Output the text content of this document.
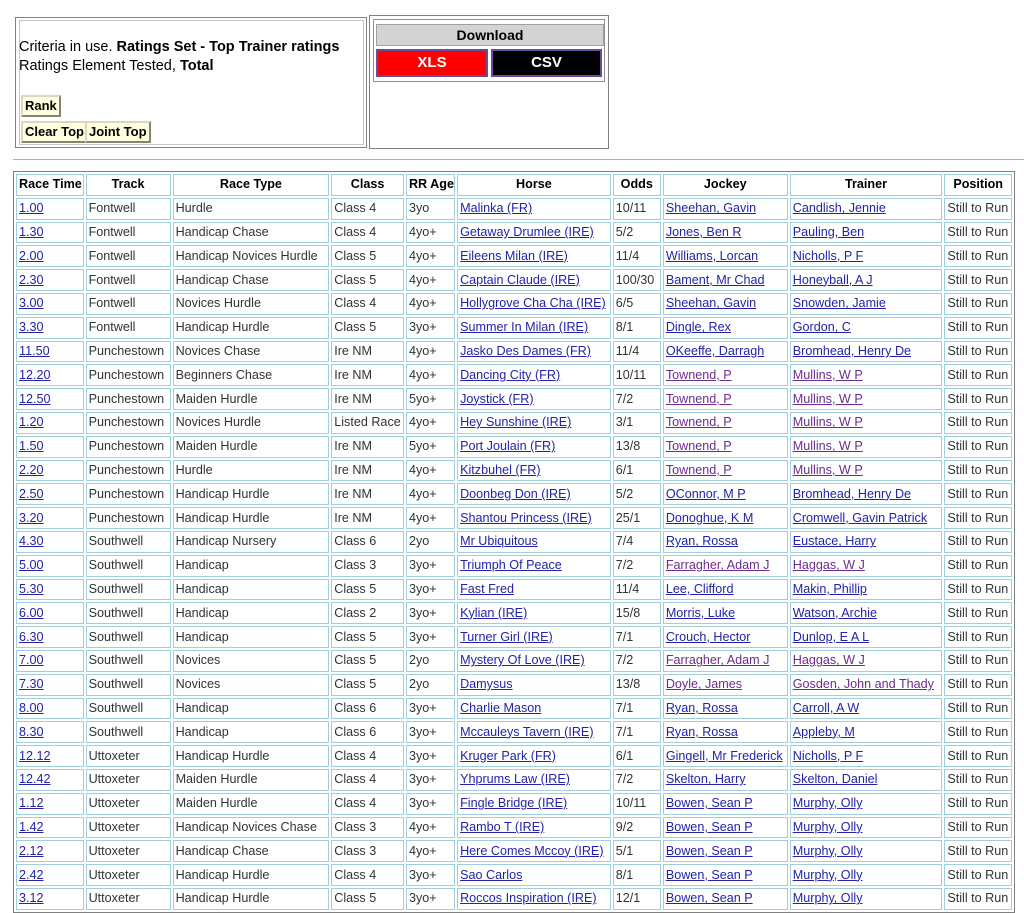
Criteria in use. Ratings Set - Top Trainer ratings
Ratings Element Tested, Total
Rank
Clear Top Joint Top
Download
XLS	CSV
Race Time	Track	Race Type	Class	RR Age	Horse	Odds	Jockey	Trainer	Position
1.00	Fontwell	Hurdle	Class 4	3yo	Malinka (FR)	10/11	Sheehan, Gavin	Candlish, Jennie	Still to Run
1.30	Fontwell	Handicap Chase	Class 4	4yo+	Getaway Drumlee (IRE)	5/2	Jones, Ben R	Pauling, Ben	Still to Run
2.00	Fontwell	Handicap Novices Hurdle	Class 5	4yo+	Eileens Milan (IRE)	11/4	Williams, Lorcan	Nicholls, P F	Still to Run
2.30	Fontwell	Handicap Chase	Class 5	4yo+	Captain Claude (IRE)	100/30	Bament, Mr Chad	Honeyball, A J	Still to Run
3.00	Fontwell	Novices Hurdle	Class 4	4yo+	Hollygrove Cha Cha (IRE)	6/5	Sheehan, Gavin	Snowden, Jamie	Still to Run
3.30	Fontwell	Handicap Hurdle	Class 5	3yo+	Summer In Milan (IRE)	8/1	Dingle, Rex	Gordon, C	Still to Run
11.50	Punchestown	Novices Chase	Ire NM	4yo+	Jasko Des Dames (FR)	11/4	OKeeffe, Darragh	Bromhead, Henry De	Still to Run
12.20	Punchestown	Beginners Chase	Ire NM	4yo+	Dancing City (FR)	10/11	Townend, P	Mullins, W P	Still to Run
12.50	Punchestown	Maiden Hurdle	Ire NM	5yo+	Joystick (FR)	7/2	Townend, P	Mullins, W P	Still to Run
1.20	Punchestown	Novices Hurdle	Listed Race	4yo+	Hey Sunshine (IRE)	3/1	Townend, P	Mullins, W P	Still to Run
1.50	Punchestown	Maiden Hurdle	Ire NM	5yo+	Port Joulain (FR)	13/8	Townend, P	Mullins, W P	Still to Run
2.20	Punchestown	Hurdle	Ire NM	4yo+	Kitzbuhel (FR)	6/1	Townend, P	Mullins, W P	Still to Run
2.50	Punchestown	Handicap Hurdle	Ire NM	4yo+	Doonbeg Don (IRE)	5/2	OConnor, M P	Bromhead, Henry De	Still to Run
3.20	Punchestown	Handicap Hurdle	Ire NM	4yo+	Shantou Princess (IRE)	25/1	Donoghue, K M	Cromwell, Gavin Patrick	Still to Run
4.30	Southwell	Handicap Nursery	Class 6	2yo	Mr Ubiquitous	7/4	Ryan, Rossa	Eustace, Harry	Still to Run
5.00	Southwell	Handicap	Class 3	3yo+	Triumph Of Peace	7/2	Farragher, Adam J	Haggas, W J	Still to Run
5.30	Southwell	Handicap	Class 5	3yo+	Fast Fred	11/4	Lee, Clifford	Makin, Phillip	Still to Run
6.00	Southwell	Handicap	Class 2	3yo+	Kylian (IRE)	15/8	Morris, Luke	Watson, Archie	Still to Run
6.30	Southwell	Handicap	Class 5	3yo+	Turner Girl (IRE)	7/1	Crouch, Hector	Dunlop, E A L	Still to Run
7.00	Southwell	Novices	Class 5	2yo	Mystery Of Love (IRE)	7/2	Farragher, Adam J	Haggas, W J	Still to Run
7.30	Southwell	Novices	Class 5	2yo	Damysus	13/8	Doyle, James	Gosden, John and Thady	Still to Run
8.00	Southwell	Handicap	Class 6	3yo+	Charlie Mason	7/1	Ryan, Rossa	Carroll, A W	Still to Run
8.30	Southwell	Handicap	Class 6	3yo+	Mccauleys Tavern (IRE)	7/1	Ryan, Rossa	Appleby, M	Still to Run
12.12	Uttoxeter	Handicap Hurdle	Class 4	3yo+	Kruger Park (FR)	6/1	Gingell, Mr Frederick	Nicholls, P F	Still to Run
12.42	Uttoxeter	Maiden Hurdle	Class 4	3yo+	Yhprums Law (IRE)	7/2	Skelton, Harry	Skelton, Daniel	Still to Run
1.12	Uttoxeter	Maiden Hurdle	Class 4	3yo+	Fingle Bridge (IRE)	10/11	Bowen, Sean P	Murphy, Olly	Still to Run
1.42	Uttoxeter	Handicap Novices Chase	Class 3	4yo+	Rambo T (IRE)	9/2	Bowen, Sean P	Murphy, Olly	Still to Run
2.12	Uttoxeter	Handicap Chase	Class 3	4yo+	Here Comes Mccoy (IRE)	5/1	Bowen, Sean P	Murphy, Olly	Still to Run
2.42	Uttoxeter	Handicap Hurdle	Class 4	3yo+	Sao Carlos	8/1	Bowen, Sean P	Murphy, Olly	Still to Run
3.12	Uttoxeter	Handicap Hurdle	Class 5	3yo+	Roccos Inspiration (IRE)	12/1	Bowen, Sean P	Murphy, Olly	Still to Run
